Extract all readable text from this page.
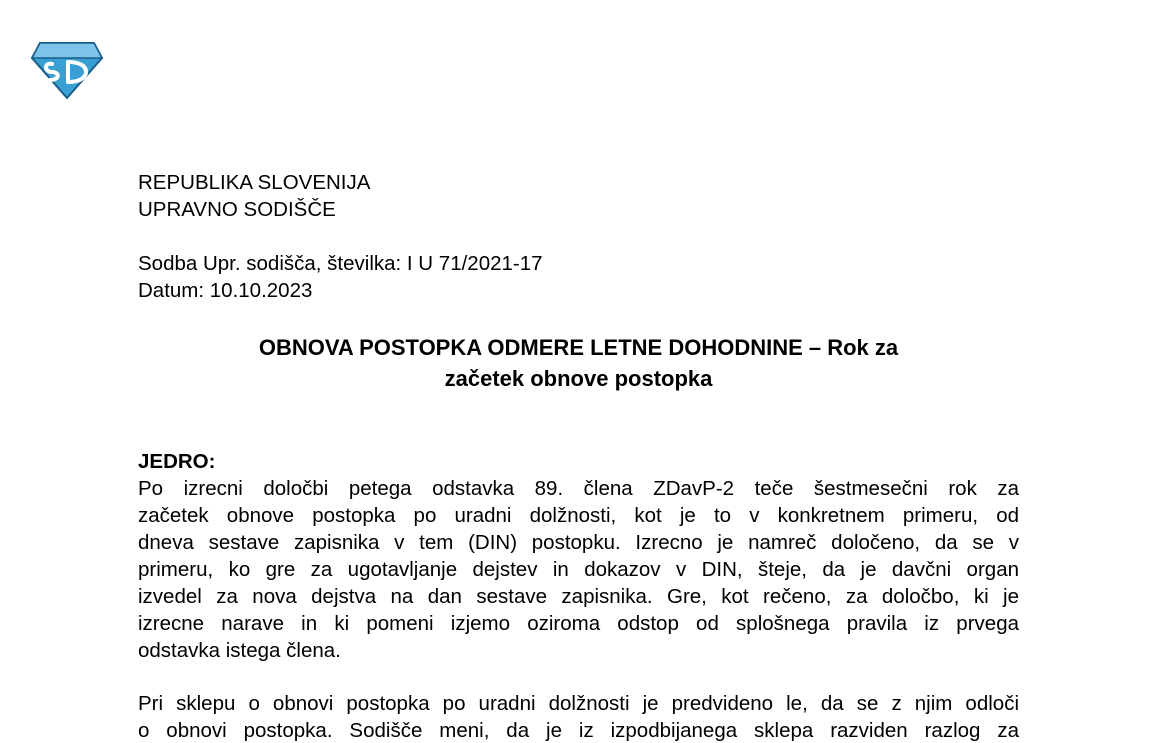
REPUBLIKA SLOVENIJA
UPRAVNO SODIŠČE
Sodba Upr. sodišča, številka: I U 71/2021-17
Datum: 10.10.2023
OBNOVA POSTOPKA ODMERE LETNE DOHODNINE – Rok za
začetek obnove postopka
JEDRO:
Po izrecni določbi petega odstavka 89. člena ZDavP-2 teče šestmesečni rok za
začetek obnove postopka po uradni dolžnosti, kot je to v konkretnem primeru, od
dneva sestave zapisnika v tem (DIN) postopku. Izrecno je namreč določeno, da se v
primeru, ko gre za ugotavljanje dejstev in dokazov v DIN, šteje, da je davčni organ
izvedel za nova dejstva na dan sestave zapisnika. Gre, kot rečeno, za določbo, ki je
izrecne narave in ki pomeni izjemo oziroma odstop od splošnega pravila iz prvega
odstavka istega člena.
Pri sklepu o obnovi postopka po uradni dolžnosti je predvideno le, da se z njim odloči
o obnovi postopka. Sodišče meni, da je iz izpodbijanega sklepa razviden razlog za
